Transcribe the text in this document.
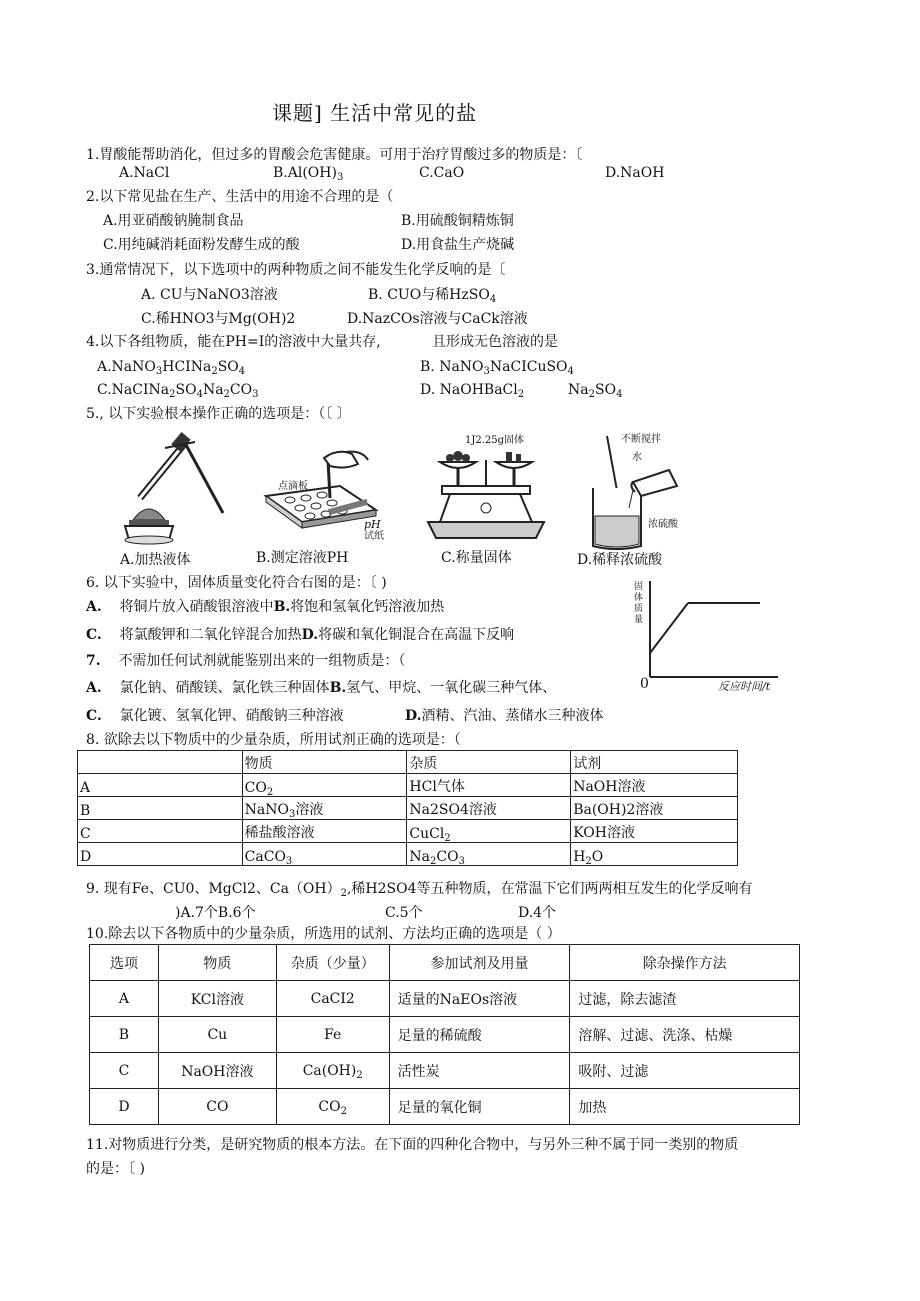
课题] 生活中常见的盐
1.胃酸能帮助消化，但过多的胃酸会危害健康。可用于治疗胃酸过多的物质是：〔
A.NaCl	$B.Al(OH)_3$	C.CaO	D.NaOH
2.以下常见盐在生产、生活中的用途不合理的是（
A.用亚硝酸钠腌制食品	B.用硫酸铜精炼铜
C.用纯碱消耗面粉发酵生成的酸	D.用食盐生产烧碱
3.通常情况下，以下选项中的两种物质之间不能发生化学反响的是〔
A. CU与NaNO3溶液	B. CUO与稀HzSO$_4$
C.稀HNO3与Mg(OH)2	D.NazCOs溶液与CaCk溶液
4.以下各组物质，能在PH=I的溶液中大量共存,	且形成无色溶液的是
$A.NaNO_3HCINa_2SO_4$	B. NaNO$_3$NaCICuSO$_4$
$C.NaCINa_2SO_4Na_2CO_3$	D. NaOHBaCl$_2$	$Na_2SO_4$
5., 以下实验根本操作正确的选项是：（〔 〕
A.加热液体
点滴板
pH
试纸
B.测定溶液PH
1J2.25g固体
C.称量固体
不断搅拌
水
浓硫酸
D.稀释浓硫酸
6. 以下实验中，固体质量变化符合右图的是：〔 )
A. 将铜片放入硝酸银溶液中B.将饱和氢氧化钙溶液加热
C. 将氯酸钾和二氧化锌混合加热D.将碳和氧化铜混合在高温下反响
固体质量
0	反应时间/t
7. 不需加任何试剂就能鉴别出来的一组物质是：（
A. 氯化钠、硝酸镁、氯化铁三种固体B.氢气、甲烷、一氧化碳三种气体、
C. 氯化镀、氢氧化钾、硝酸钠三种溶液	D.酒精、汽油、蒸储水三种液体
8. 欲除去以下物质中的少量杂质，所用试剂正确的选项是：（
	物质	杂质	试剂
A	$CO_2$	HCl气体	NaOH溶液
B	NaNO$_3$溶液	Na2SO4溶液	Ba(OH)2溶液
C	稀盐酸溶液	CuCl$_2$	KOH溶液
D	CaCO$_3$	$Na_2CO_3$	$H_2O$
9. 现有Fe、CU0、MgCl2、$Ca(OH)_2$,稀H2SO4等五种物质，在常温下它们两两相互发生的化学反响有
)A.7个B.6个	C.5个	D.4个
10.除去以下各物质中的少量杂质，所选用的试剂、方法均正确的选项是（ ）
选项	物质	杂质（少量）	参加试剂及用量	除杂操作方法
A	KCl溶液	CaCI2	适量的NaEOs溶液	过滤，除去滤渣
B	Cu	Fe	足量的稀硫酸	溶解、过滤、洗涤、枯燥
C	NaOH溶液	$Ca(OH)_2$	活性炭	吸附、过滤
D	CO	$CO_2$	足量的氧化铜	加热
11.对物质进行分类，是研究物质的根本方法。在下面的四种化合物中，与另外三种不属于同一类别的物质
的是：〔 )
